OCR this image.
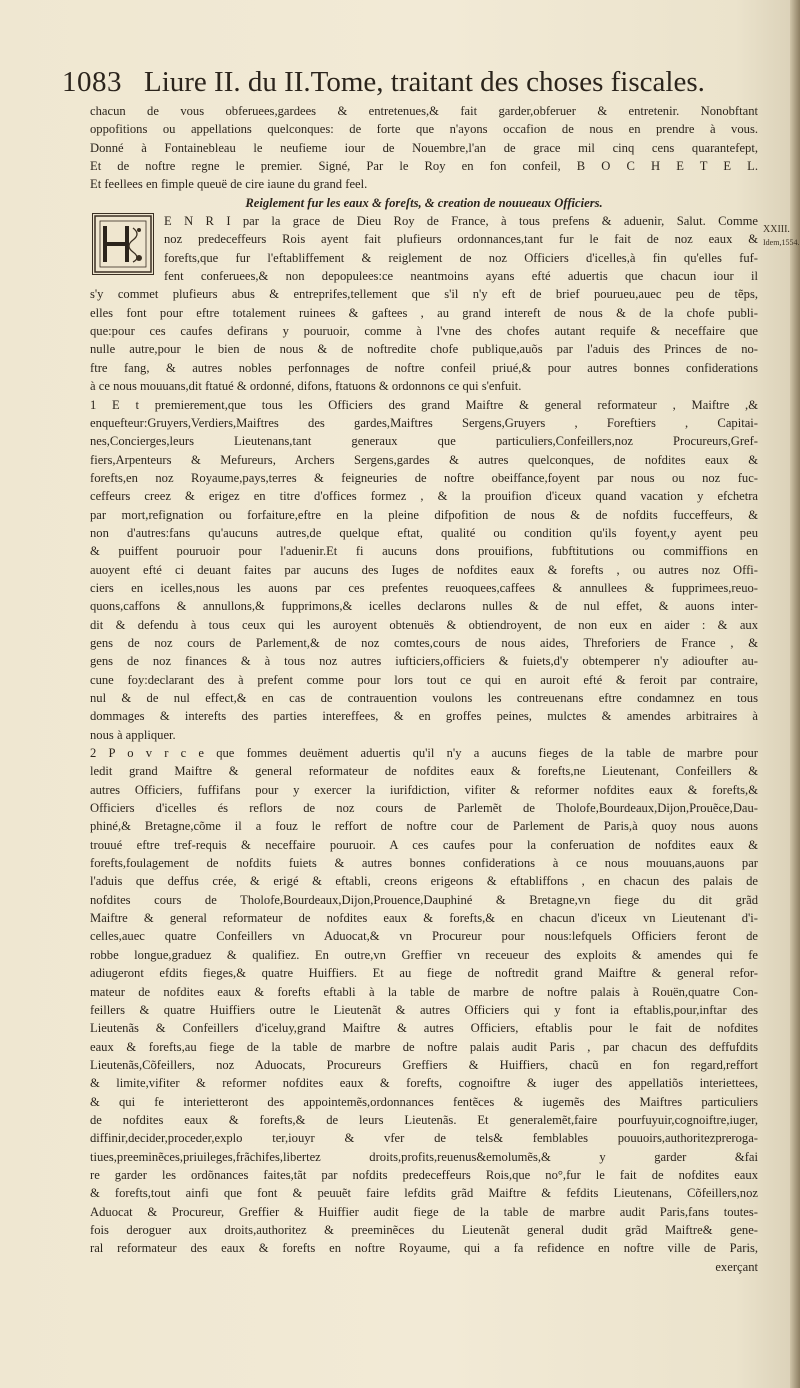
1083 Liure II. du II.Tome, traitant des choses fiscales.
XXIII.
Idem,1554.
chacun de vous obferuees,gardees & entretenues,& fait garder,obferuer & entretenir. Nonobftant
oppofitions ou appellations quelconques: de forte que n'ayons occafion de nous en prendre à vous.
Donné à Fontainebleau le neufieme iour de Nouembre,l'an de grace mil cinq cens quarantefept,
Et de noftre regne le premier. Signé, Par le Roy en fon confeil, B O C H E T E L.
Et feellees en fimple queuë de cire iaune du grand feel.
Reiglement fur les eaux & foreſts, & creation de nouueaux Officiers.
E N R I par la grace de Dieu Roy de France, à tous prefens & aduenir, Salut. Comme
noz predeceffeurs Rois ayent fait plufieurs ordonnances,tant fur le fait de noz eaux &
forefts,que fur l'eftabliffement & reiglement de noz Officiers d'icelles,à fin qu'elles fuf-
fent conferuees,& non depopulees:ce neantmoins ayans efté aduertis que chacun iour il
s'y commet plufieurs abus & entreprifes,tellement que s'il n'y eft de brief pourueu,auec peu de tẽps,
elles font pour eftre totalement ruinees & gaftees , au grand intereft de nous & de la chofe publi-
que:pour ces caufes defirans y pouruoir, comme à l'vne des chofes autant requife & neceffaire que
nulle autre,pour le bien de nous & de noftredite chofe publique,auõs par l'aduis des Princes de no-
ftre fang, & autres nobles perfonnages de noftre confeil priué,& pour autres bonnes confiderations
à ce nous mouuans,dit ftatué & ordonné, difons, ftatuons & ordonnons ce qui s'enfuit.
1 E t premierement,que tous les Officiers des grand Maiftre & general reformateur , Maiftre ,&
enquefteur:Gruyers,Verdiers,Maiftres des gardes,Maiftres Sergens,Gruyers , Foreftiers , Capitai-
nes,Concierges,leurs Lieutenans,tant generaux que particuliers,Confeillers,noz Procureurs,Gref-
fiers,Arpenteurs & Mefureurs, Archers Sergens,gardes & autres quelconques, de nofdites eaux &
forefts,en noz Royaume,pays,terres & feigneuries de noftre obeiffance,foyent par nous ou noz fuc-
ceffeurs creez & erigez en titre d'offices formez , & la prouifion d'iceux quand vacation y efchetra
par mort,refignation ou forfaiture,eftre en la pleine difpofition de nous & de nofdits fucceffeurs, &
non d'autres:fans qu'aucuns autres,de quelque eftat, qualité ou condition qu'ils foyent,y ayent peu
& puiffent pouruoir pour l'aduenir.Et fi aucuns dons prouifions, fubftitutions ou commiffions en
auoyent efté ci deuant faites par aucuns des Iuges de nofdites eaux & forefts , ou autres noz Offi-
ciers en icelles,nous les auons par ces prefentes reuoquees,caffees & annullees & fupprimees,reuo-
quons,caffons & annullons,& fupprimons,& icelles declarons nulles & de nul effet, & auons inter-
dit & defendu à tous ceux qui les auroyent obtenuës & obtiendroyent, de non eux en aider : & aux
gens de noz cours de Parlement,& de noz comtes,cours de nous aides, Threforiers de France , &
gens de noz finances & à tous noz autres iufticiers,officiers & fuiets,d'y obtemperer n'y adioufter au-
cune foy:declarant des à prefent comme pour lors tout ce qui en auroit efté & feroit par contraire,
nul & de nul effect,& en cas de contrauention voulons les contreuenans eftre condamnez en tous
dommages & interefts des parties intereffees, & en groffes peines, mulctes & amendes arbitraires à
nous à appliquer.
2 P o v r c e que fommes deuëment aduertis qu'il n'y a aucuns fieges de la table de marbre pour
ledit grand Maiftre & general reformateur de nofdites eaux & forefts,ne Lieutenant, Confeillers &
autres Officiers, fuffifans pour y exercer la iurifdiction, vifiter & reformer nofdites eaux & forefts,&
Officiers d'icelles és reflors de noz cours de Parlemẽt de Tholofe,Bourdeaux,Dijon,Prouẽce,Dau-
phiné,& Bretagne,cõme il a fouz le reffort de noftre cour de Parlement de Paris,à quoy nous auons
trouué eftre tref-requis & neceffaire pouruoir. A ces caufes pour la conferuation de nofdites eaux &
forefts,foulagement de nofdits fuiets & autres bonnes confiderations à ce nous mouuans,auons par
l'aduis que deffus crée, & erigé & eftabli, creons erigeons & eftabliffons , en chacun des palais de
nofdites cours de Tholofe,Bourdeaux,Dijon,Prouence,Dauphiné & Bretagne,vn fiege du dit grãd
Maiftre & general reformateur de nofdites eaux & forefts,& en chacun d'iceux vn Lieutenant d'i-
celles,auec quatre Confeillers vn Aduocat,& vn Procureur pour nous:lefquels Officiers feront de
robbe longue,graduez & qualifiez. En outre,vn Greffier vn receueur des exploits & amendes qui fe
adiugeront efdits fieges,& quatre Huiffiers. Et au fiege de noftredit grand Maiftre & general refor-
mateur de nofdites eaux & forefts eftabli à la table de marbre de noftre palais à Rouën,quatre Con-
feillers & quatre Huiffiers outre le Lieutenãt & autres Officiers qui y font ia eftablis,pour,inftar des
Lieutenãs & Confeillers d'iceluy,grand Maiftre & autres Officiers, eftablis pour le fait de nofdites
eaux & forefts,au fiege de la table de marbre de noftre palais audit Paris , par chacun des deffufdits
Lieutenãs,Cõfeillers, noz Aduocats, Procureurs Greffiers & Huiffiers, chacũ en fon regard,reffort
& limite,vifiter & reformer nofdites eaux & forefts, cognoiftre & iuger des appellatiõs interiettees,
& qui fe interietteront des appointemẽs,ordonnances fentẽces & iugemẽs des Maiftres particuliers
de nofdites eaux & forefts,& de leurs Lieutenãs. Et generalemẽt,faire pourfuyuir,cognoiftre,iuger,
diffinir,decider,proceder,explo ter,iouyr & vfer de tels& femblables pouuoirs,authoritezpreroga-
tiues,preeminẽces,priuileges,frãchifes,libertez droits,profits,reuenus&emolumẽs,& y garder &fai
re garder les ordõnances faites,tãt par nofdits predeceffeurs Rois,que no°,fur le fait de nofdites eaux
& forefts,tout ainfi que font & peuuẽt faire lefdits grãd Maiftre & fefdits Lieutenans, Cõfeillers,noz
Aduocat & Procureur, Greffier & Huiffier audit fiege de la table de marbre audit Paris,fans toutes-
fois deroguer aux droits,authoritez & preeminẽces du Lieutenãt general dudit grãd Maiftre& gene-
ral reformateur des eaux & forefts en noftre Royaume, qui a fa refidence en noftre ville de Paris,
exerçant
